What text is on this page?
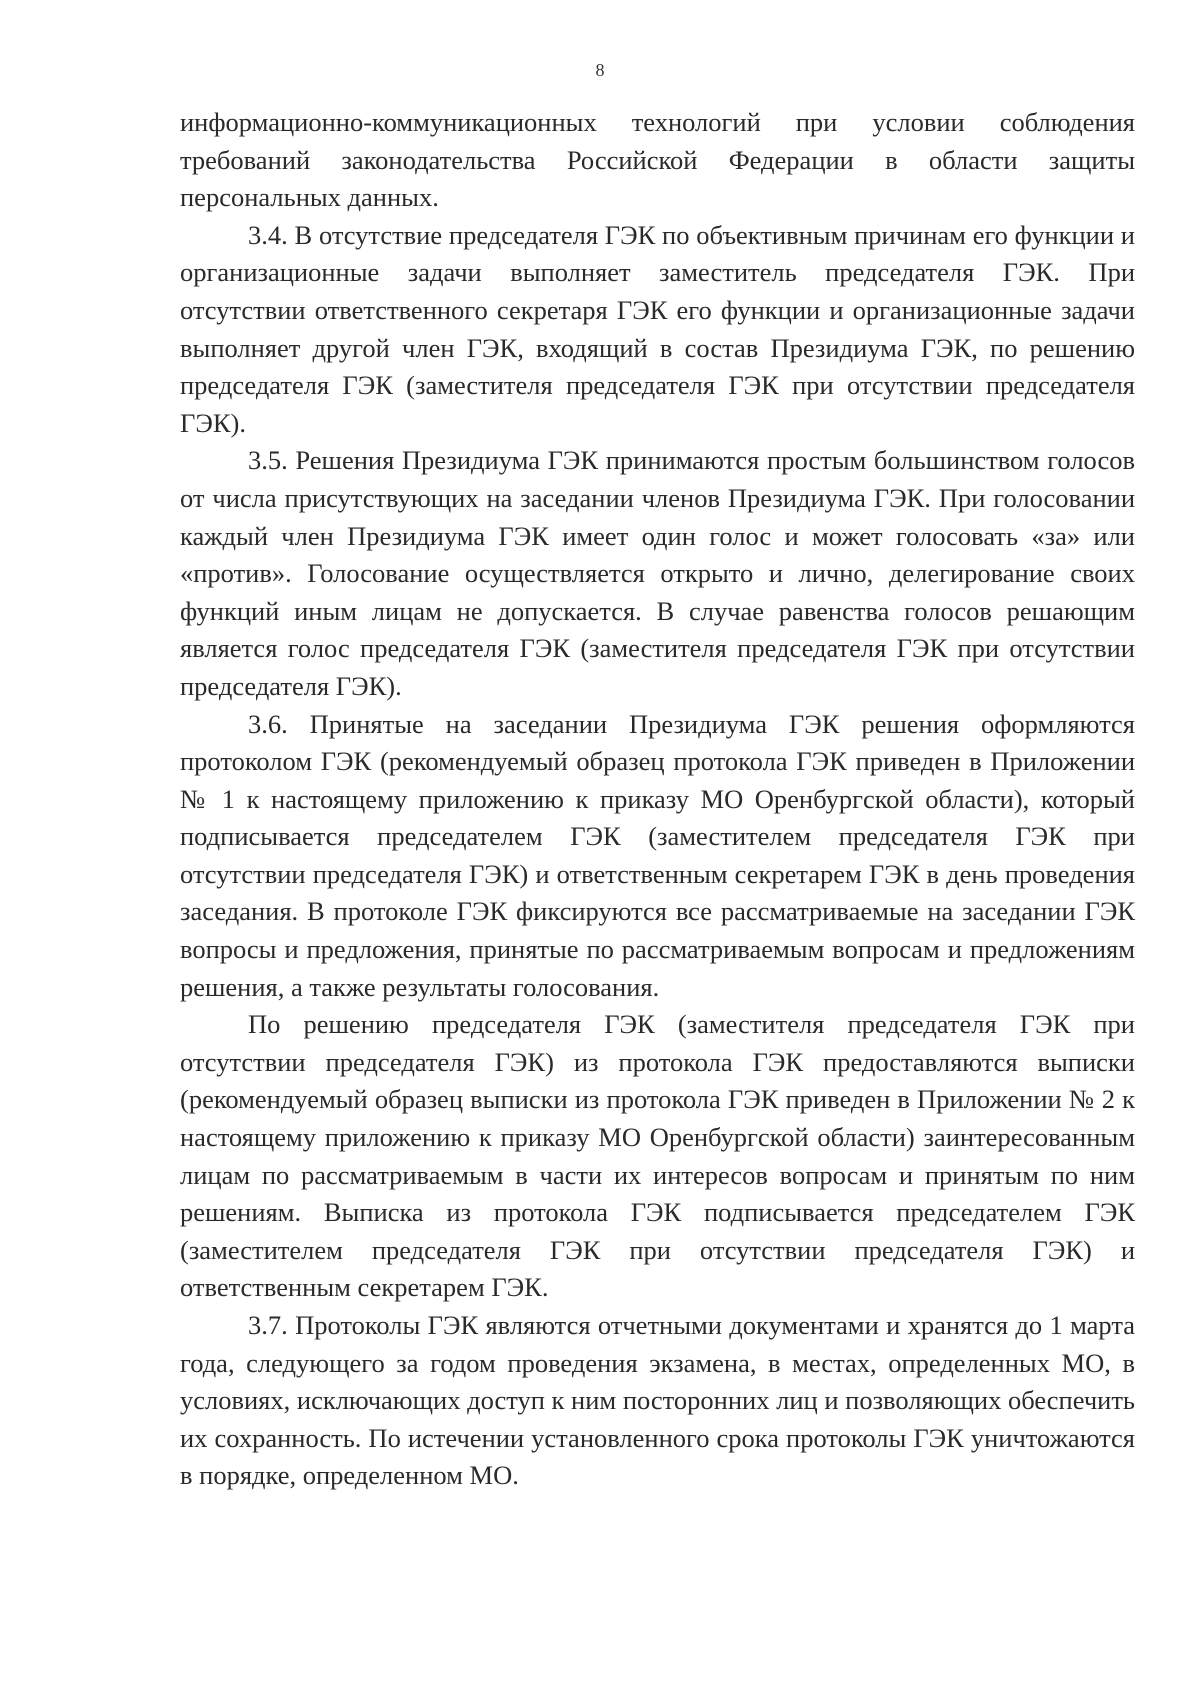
8

информационно-коммуникационных технологий при условии соблюдения требований законодательства Российской Федерации в области защиты персональных данных.

3.4. В отсутствие председателя ГЭК по объективным причинам его функции и организационные задачи выполняет заместитель председателя ГЭК. При отсутствии ответственного секретаря ГЭК его функции и организационные задачи выполняет другой член ГЭК, входящий в состав Президиума ГЭК, по решению председателя ГЭК (заместителя председателя ГЭК при отсутствии председателя ГЭК).

3.5. Решения Президиума ГЭК принимаются простым большинством голосов от числа присутствующих на заседании членов Президиума ГЭК. При голосовании каждый член Президиума ГЭК имеет один голос и может голосовать «за» или «против». Голосование осуществляется открыто и лично, делегирование своих функций иным лицам не допускается. В случае равенства голосов решающим является голос председателя ГЭК (заместителя председателя ГЭК при отсутствии председателя ГЭК).

3.6. Принятые на заседании Президиума ГЭК решения оформляются протоколом ГЭК (рекомендуемый образец протокола ГЭК приведен в Приложении № 1 к настоящему приложению к приказу МО Оренбургской области), который подписывается председателем ГЭК (заместителем председателя ГЭК при отсутствии председателя ГЭК) и ответственным секретарем ГЭК в день проведения заседания. В протоколе ГЭК фиксируются все рассматриваемые на заседании ГЭК вопросы и предложения, принятые по рассматриваемым вопросам и предложениям решения, а также результаты голосования.

По решению председателя ГЭК (заместителя председателя ГЭК при отсутствии председателя ГЭК) из протокола ГЭК предоставляются выписки (рекомендуемый образец выписки из протокола ГЭК приведен в Приложении № 2 к настоящему приложению к приказу МО Оренбургской области) заинтересованным лицам по рассматриваемым в части их интересов вопросам и принятым по ним решениям. Выписка из протокола ГЭК подписывается председателем ГЭК (заместителем председателя ГЭК при отсутствии председателя ГЭК) и ответственным секретарем ГЭК.

3.7. Протоколы ГЭК являются отчетными документами и хранятся до 1 марта года, следующего за годом проведения экзамена, в местах, определенных МО, в условиях, исключающих доступ к ним посторонних лиц и позволяющих обеспечить их сохранность. По истечении установленного срока протоколы ГЭК уничтожаются в порядке, определенном МО.
